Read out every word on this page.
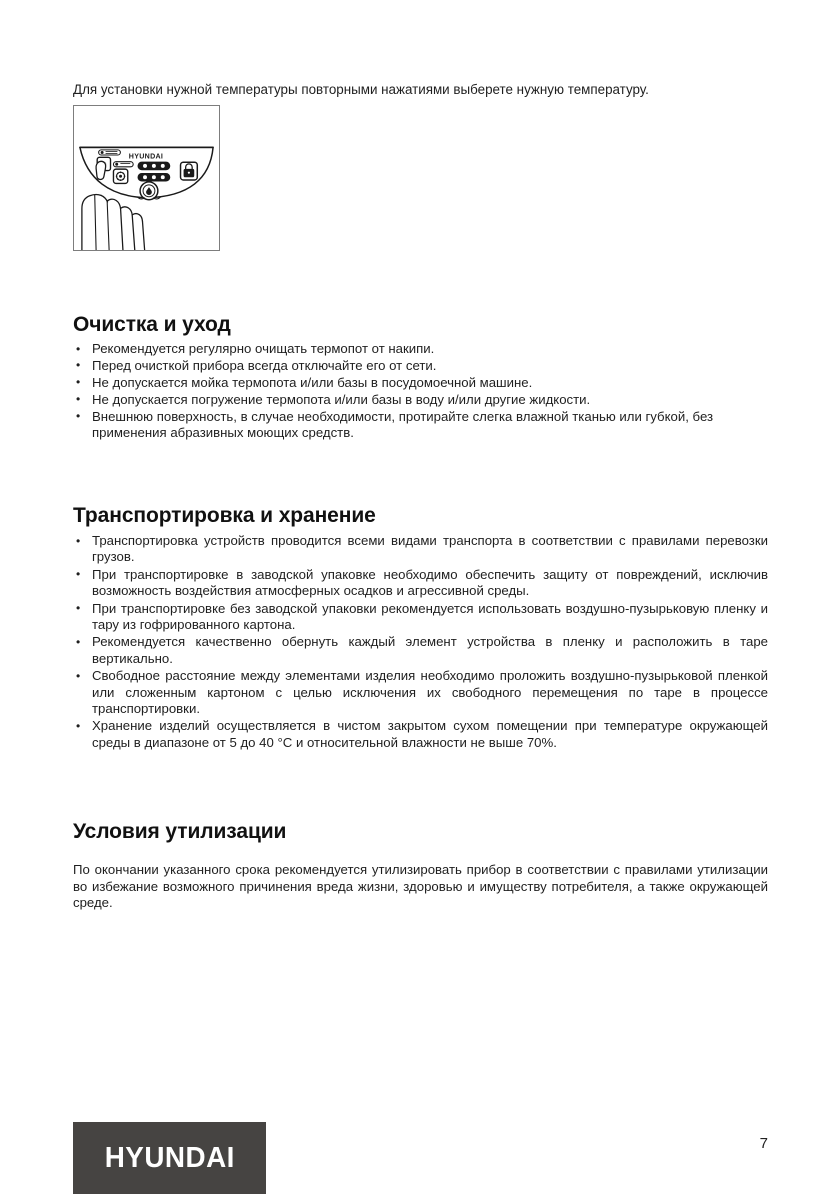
Для установки нужной температуры повторными нажатиями выберете нужную температуру.

HYUNDAI
Очистка и уход
• Рекомендуется регулярно очищать термопот от накипи.
• Перед очисткой прибора всегда отключайте его от сети.
• Не допускается мойка термопота и/или базы в посудомоечной машине.
• Не допускается погружение термопота и/или базы в воду и/или другие жидкости.
• Внешнюю поверхность, в случае необходимости, протирайте слегка влажной тканью или губкой, без применения абразивных моющих средств.
Транспортировка и хранение
• Транспортировка устройств проводится всеми видами транспорта в соответствии с правилами перевозки грузов.
• При транспортировке в заводской упаковке необходимо обеспечить защиту от повреждений, исключив возможность воздействия атмосферных осадков и агрессивной среды.
• При транспортировке без заводской упаковки рекомендуется использовать воздушно-пузырьковую пленку и тару из гофрированного картона.
• Рекомендуется качественно обернуть каждый элемент устройства в пленку и расположить в таре вертикально.
• Свободное расстояние между элементами изделия необходимо проложить воздушно-пузырьковой пленкой или сложенным картоном с целью исключения их свободного перемещения по таре в процессе транспортировки.
• Хранение изделий осуществляется в чистом закрытом сухом помещении при температуре окружающей среды в диапазоне от 5 до 40 °С и относительной влажности не выше 70%.
Условия утилизации

По окончании указанного срока рекомендуется утилизировать прибор в соответствии с правилами утилизации во избежание возможного причинения вреда жизни, здоровью и имуществу потребителя, а также окружающей среде.

HYUNDAI	7
